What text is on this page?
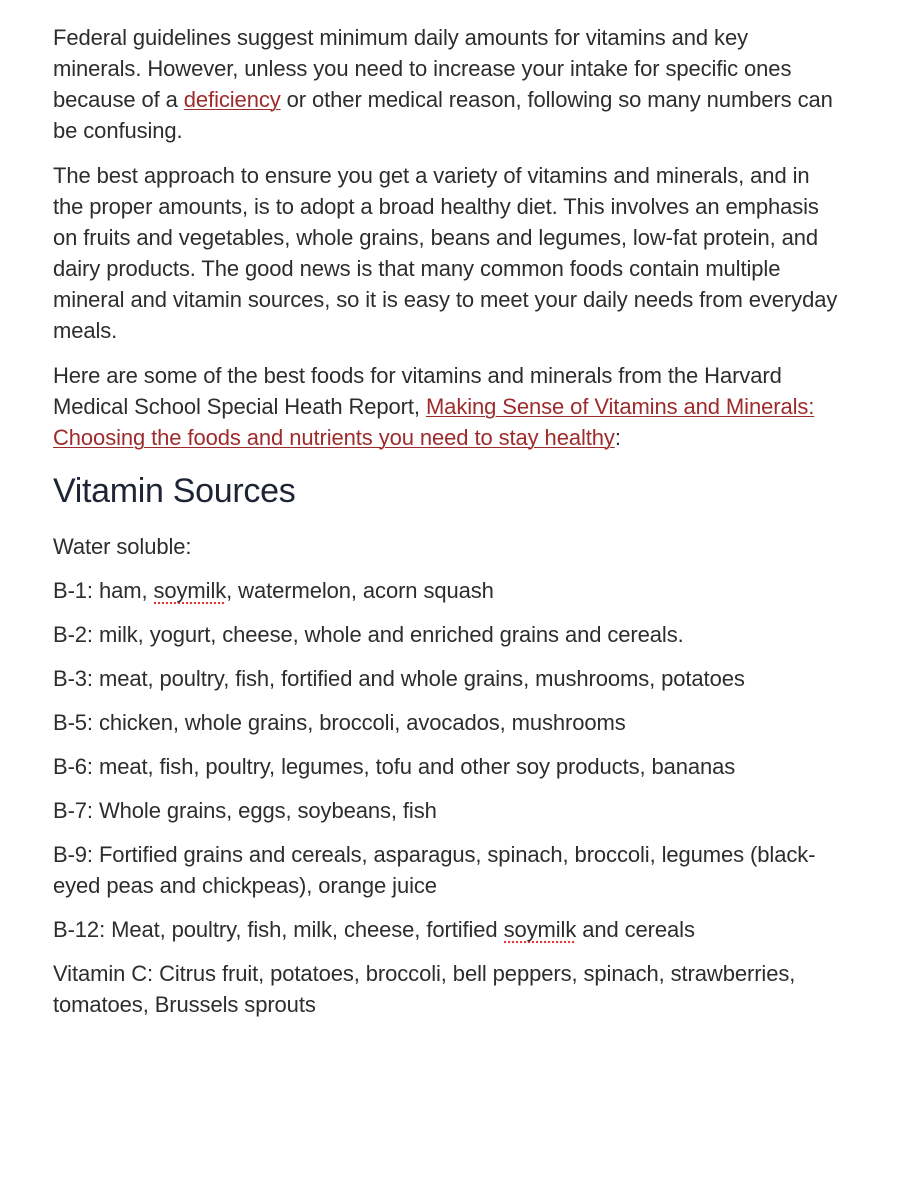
Federal guidelines suggest minimum daily amounts for vitamins and key minerals. However, unless you need to increase your intake for specific ones because of a deficiency or other medical reason, following so many numbers can be confusing.

The best approach to ensure you get a variety of vitamins and minerals, and in the proper amounts, is to adopt a broad healthy diet. This involves an emphasis on fruits and vegetables, whole grains, beans and legumes, low-fat protein, and dairy products. The good news is that many common foods contain multiple mineral and vitamin sources, so it is easy to meet your daily needs from everyday meals.

Here are some of the best foods for vitamins and minerals from the Harvard Medical School Special Heath Report, Making Sense of Vitamins and Minerals: Choosing the foods and nutrients you need to stay healthy:

Vitamin Sources

Water soluble:

B-1: ham, soymilk, watermelon, acorn squash

B-2: milk, yogurt, cheese, whole and enriched grains and cereals.

B-3: meat, poultry, fish, fortified and whole grains, mushrooms, potatoes

B-5: chicken, whole grains, broccoli, avocados, mushrooms

B-6: meat, fish, poultry, legumes, tofu and other soy products, bananas

B-7: Whole grains, eggs, soybeans, fish

B-9: Fortified grains and cereals, asparagus, spinach, broccoli, legumes (black-eyed peas and chickpeas), orange juice

B-12: Meat, poultry, fish, milk, cheese, fortified soymilk and cereals

Vitamin C: Citrus fruit, potatoes, broccoli, bell peppers, spinach, strawberries, tomatoes, Brussels sprouts
